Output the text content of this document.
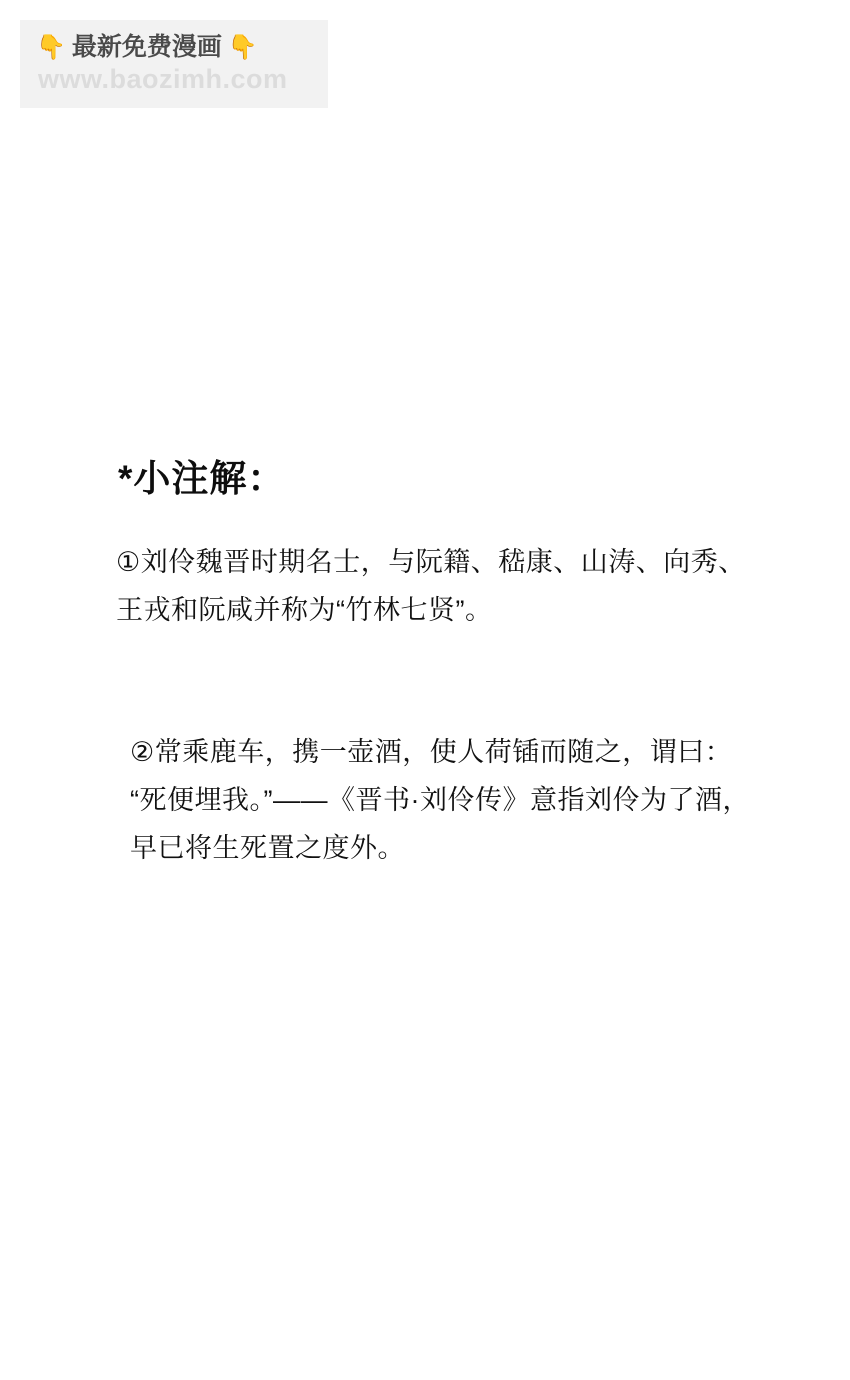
👇 最新免费漫画 👇
www.baozimh.com
*小注解：
①刘伶魏晋时期名士，与阮籍、嵇康、山涛、向秀、王戎和阮咸并称为“竹林七贤”。
②常乘鹿车，携一壶酒，使人荷锸而随之，谓曰：“死便埋我。”——《晋书·刘伶传》意指刘伶为了酒，早已将生死置之度外。
